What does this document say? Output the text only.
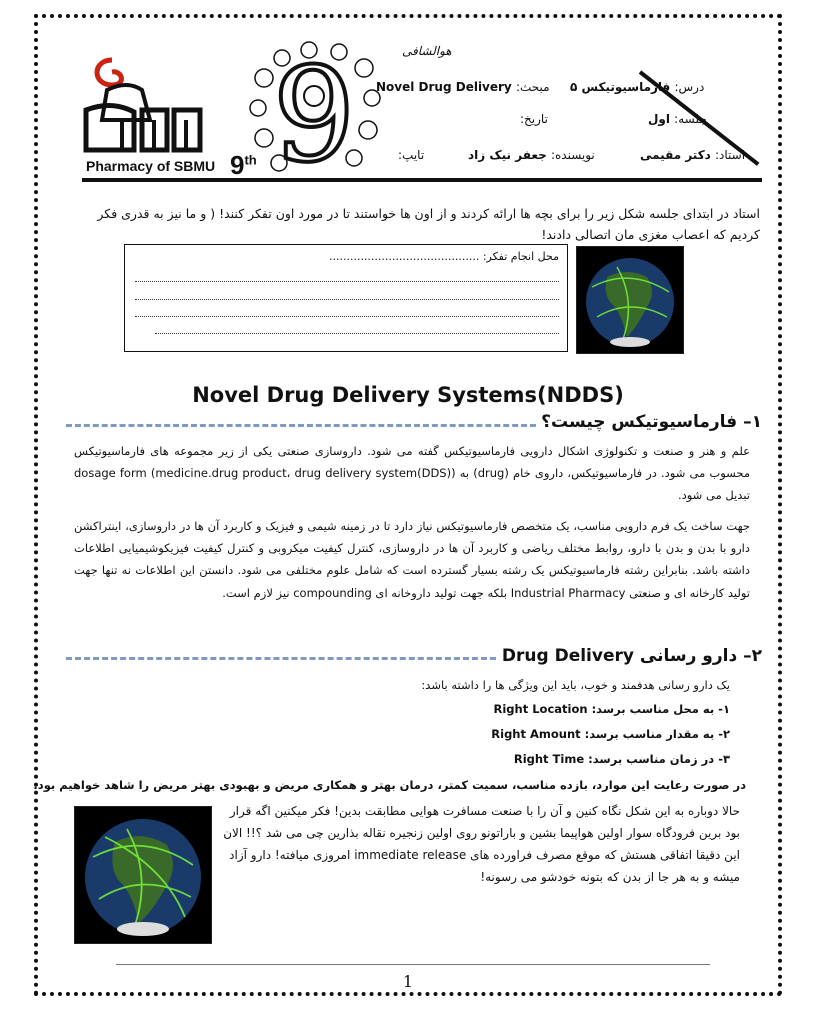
Pharmacy of SBMU 9
9th
هوالشافی
درس: فارماسیوتیکس ۵
Novel Drug Delivery مبحث:
جلسه: اول
تاریخ:
استاد: دکتر مقیمی
نویسنده: جعفر نیک زاد
تایپ:
استاد در ابتدای جلسه شکل زیر را برای بچه ها ارائه کردند و از اون ها خواستند تا در مورد اون تفکر کنند! ( و ما نیز به قدری فکر کردیم که اعصاب مغزی مان اتصالی دادند!
محل انجام تفکر: ...........................................
Novel Drug Delivery Systems(NDDS)
۱– فارماسیوتیکس چیست؟
علم و هنر و صنعت و تکنولوژی اشکال دارویی فارماسیوتیکس گفته می شود. داروسازی صنعتی یکی از زیر مجموعه های فارماسیوتیکس محسوب می شود. در فارماسیوتیکس، داروی خام (drug) به (medicine.drug product، drug delivery system(DDS)) dosage form تبدیل می شود.
جهت ساخت یک فرم دارویی مناسب، یک متخصص فارماسیوتیکس نیاز دارد تا در زمینه شیمی و فیزیک و کاربرد آن ها در داروسازی، اینتراکشن دارو با بدن و بدن با دارو، روابط مختلف ریاضی و کاربرد آن ها در داروسازی، کنترل کیفیت میکروبی و کنترل کیفیت فیزیکوشیمیایی اطلاعات داشته باشد. بنابراین رشته فارماسیوتیکس یک رشته بسیار گسترده است که شامل علوم مختلفی می شود. دانستن این اطلاعات نه تنها جهت تولید کارخانه ای و صنعتی Industrial Pharmacy بلکه جهت تولید داروخانه ای compounding نیز لازم است.
۲– دارو رسانی Drug Delivery
یک دارو رسانی هدفمند و خوب، باید این ویژگی ها را داشته باشد:
۱- به محل مناسب برسد: Right Location
۲- به مقدار مناسب برسد: Right Amount
۳- در زمان مناسب برسد: Right Time
در صورت رعایت این موارد، بازده مناسب، سمیت کمتر، درمان بهتر و همکاری مریض و بهبودی بهتر مریض را شاهد خواهیم بود.
حالا دوباره به این شکل نگاه کنین و آن را با صنعت مسافرت هوایی مطابقت بدین! فکر میکنین اگه قرار بود برین فرودگاه سوار اولین هواپیما بشین و باراتونو روی اولین زنجیره نقاله بذارین چی می شد ؟!! الان این دقیقا اتفاقی هستش که موقع مصرف فراورده های immediate release امروزی میافته! دارو آزاد میشه و به هر جا از بدن که بتونه خودشو می رسونه!
1
